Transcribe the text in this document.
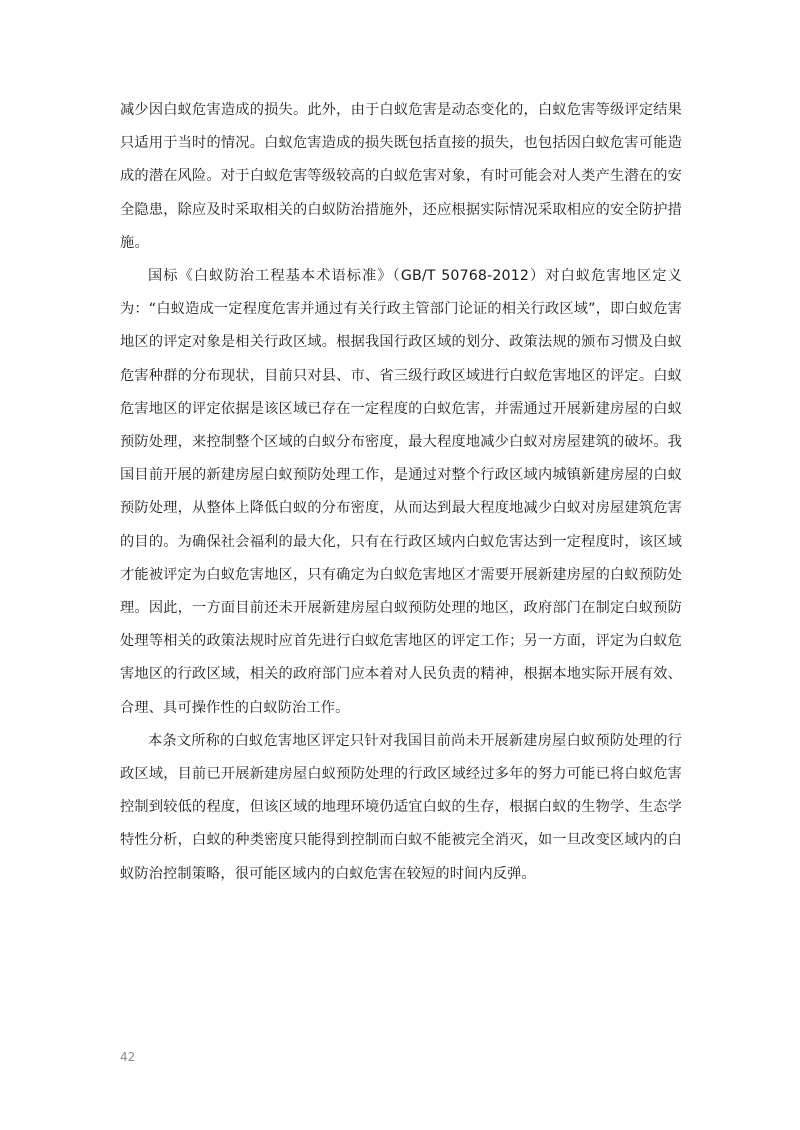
减少因白蚁危害造成的损失。此外，由于白蚁危害是动态变化的，白蚁危害等级评定结果只适用于当时的情况。白蚁危害造成的损失既包括直接的损失，也包括因白蚁危害可能造成的潜在风险。对于白蚁危害等级较高的白蚁危害对象，有时可能会对人类产生潜在的安全隐患，除应及时采取相关的白蚁防治措施外，还应根据实际情况采取相应的安全防护措施。

国标《白蚁防治工程基本术语标准》（GB/T 50768-2012）对白蚁危害地区定义为：“白蚁造成一定程度危害并通过有关行政主管部门论证的相关行政区域”，即白蚁危害地区的评定对象是相关行政区域。根据我国行政区域的划分、政策法规的颁布习惯及白蚁危害种群的分布现状，目前只对县、市、省三级行政区域进行白蚁危害地区的评定。白蚁危害地区的评定依据是该区域已存在一定程度的白蚁危害，并需通过开展新建房屋的白蚁预防处理，来控制整个区域的白蚁分布密度，最大程度地减少白蚁对房屋建筑的破坏。我国目前开展的新建房屋白蚁预防处理工作，是通过对整个行政区域内城镇新建房屋的白蚁预防处理，从整体上降低白蚁的分布密度，从而达到最大程度地减少白蚁对房屋建筑危害的目的。为确保社会福利的最大化，只有在行政区域内白蚁危害达到一定程度时，该区域才能被评定为白蚁危害地区，只有确定为白蚁危害地区才需要开展新建房屋的白蚁预防处理。因此，一方面目前还未开展新建房屋白蚁预防处理的地区，政府部门在制定白蚁预防处理等相关的政策法规时应首先进行白蚁危害地区的评定工作；另一方面，评定为白蚁危害地区的行政区域，相关的政府部门应本着对人民负责的精神，根据本地实际开展有效、合理、具可操作性的白蚁防治工作。

本条文所称的白蚁危害地区评定只针对我国目前尚未开展新建房屋白蚁预防处理的行政区域，目前已开展新建房屋白蚁预防处理的行政区域经过多年的努力可能已将白蚁危害控制到较低的程度，但该区域的地理环境仍适宜白蚁的生存，根据白蚁的生物学、生态学特性分析，白蚁的种类密度只能得到控制而白蚁不能被完全消灭，如一旦改变区域内的白蚁防治控制策略，很可能区域内的白蚁危害在较短的时间内反弹。

42
